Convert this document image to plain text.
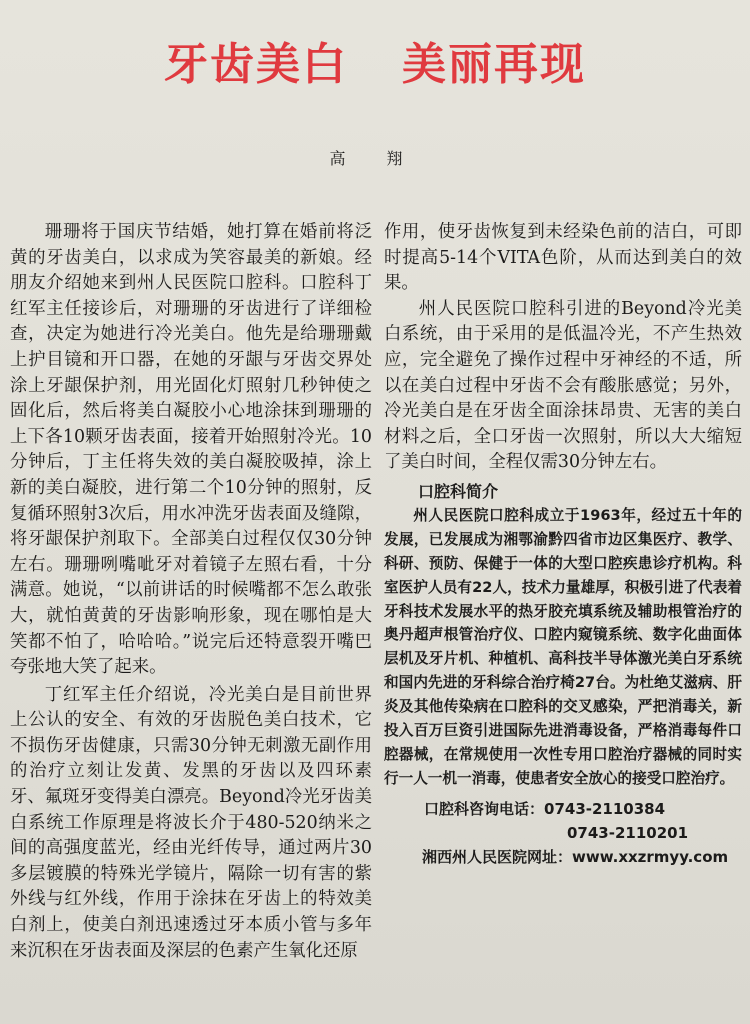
牙齿美白 美丽再现

高 翔

珊珊将于国庆节结婚，她打算在婚前将泛黄的牙齿美白，以求成为笑容最美的新娘。经朋友介绍她来到州人民医院口腔科。口腔科丁红军主任接诊后，对珊珊的牙齿进行了详细检查，决定为她进行冷光美白。他先是给珊珊戴上护目镜和开口器，在她的牙龈与牙齿交界处涂上牙龈保护剂，用光固化灯照射几秒钟使之固化后，然后将美白凝胶小心地涂抹到珊珊的上下各10颗牙齿表面，接着开始照射冷光。10分钟后，丁主任将失效的美白凝胶吸掉，涂上新的美白凝胶，进行第二个10分钟的照射，反复循环照射3次后，用水冲洗牙齿表面及缝隙，将牙龈保护剂取下。全部美白过程仅仅30分钟左右。珊珊咧嘴呲牙对着镜子左照右看，十分满意。她说，“以前讲话的时候嘴都不怎么敢张大，就怕黄黄的牙齿影响形象，现在哪怕是大笑都不怕了，哈哈哈。”说完后还特意裂开嘴巴夸张地大笑了起来。

丁红军主任介绍说，冷光美白是目前世界上公认的安全、有效的牙齿脱色美白技术，它不损伤牙齿健康，只需30分钟无刺激无副作用的治疗立刻让发黄、发黑的牙齿以及四环素牙、氟斑牙变得美白漂亮。Beyond冷光牙齿美白系统工作原理是将波长介于480-520纳米之间的高强度蓝光，经由光纤传导，通过两片30多层镀膜的特殊光学镜片，隔除一切有害的紫外线与红外线，作用于涂抹在牙齿上的特效美白剂上，使美白剂迅速透过牙本质小管与多年来沉积在牙齿表面及深层的色素产生氧化还原

作用，使牙齿恢复到未经染色前的洁白，可即时提高5-14个VITA色阶，从而达到美白的效果。

州人民医院口腔科引进的Beyond冷光美白系统，由于采用的是低温冷光，不产生热效应，完全避免了操作过程中牙神经的不适，所以在美白过程中牙齿不会有酸胀感觉；另外，冷光美白是在牙齿全面涂抹昂贵、无害的美白材料之后，全口牙齿一次照射，所以大大缩短了美白时间，全程仅需30分钟左右。

口腔科简介

州人民医院口腔科成立于1963年，经过五十年的发展，已发展成为湘鄂渝黔四省市边区集医疗、教学、科研、预防、保健于一体的大型口腔疾患诊疗机构。科室医护人员有22人，技术力量雄厚，积极引进了代表着牙科技术发展水平的热牙胶充填系统及辅助根管治疗的奥丹超声根管治疗仪、口腔内窥镜系统、数字化曲面体层机及牙片机、种植机、高科技半导体激光美白牙系统和国内先进的牙科综合治疗椅27台。为杜绝艾滋病、肝炎及其他传染病在口腔科的交叉感染，严把消毒关，新投入百万巨资引进国际先进消毒设备，严格消毒每件口腔器械，在常规使用一次性专用口腔治疗器械的同时实行一人一机一消毒，使患者安全放心的接受口腔治疗。

口腔科咨询电话：0743-2110384
0743-2110201
湘西州人民医院网址：www.xxzrmyy.com
